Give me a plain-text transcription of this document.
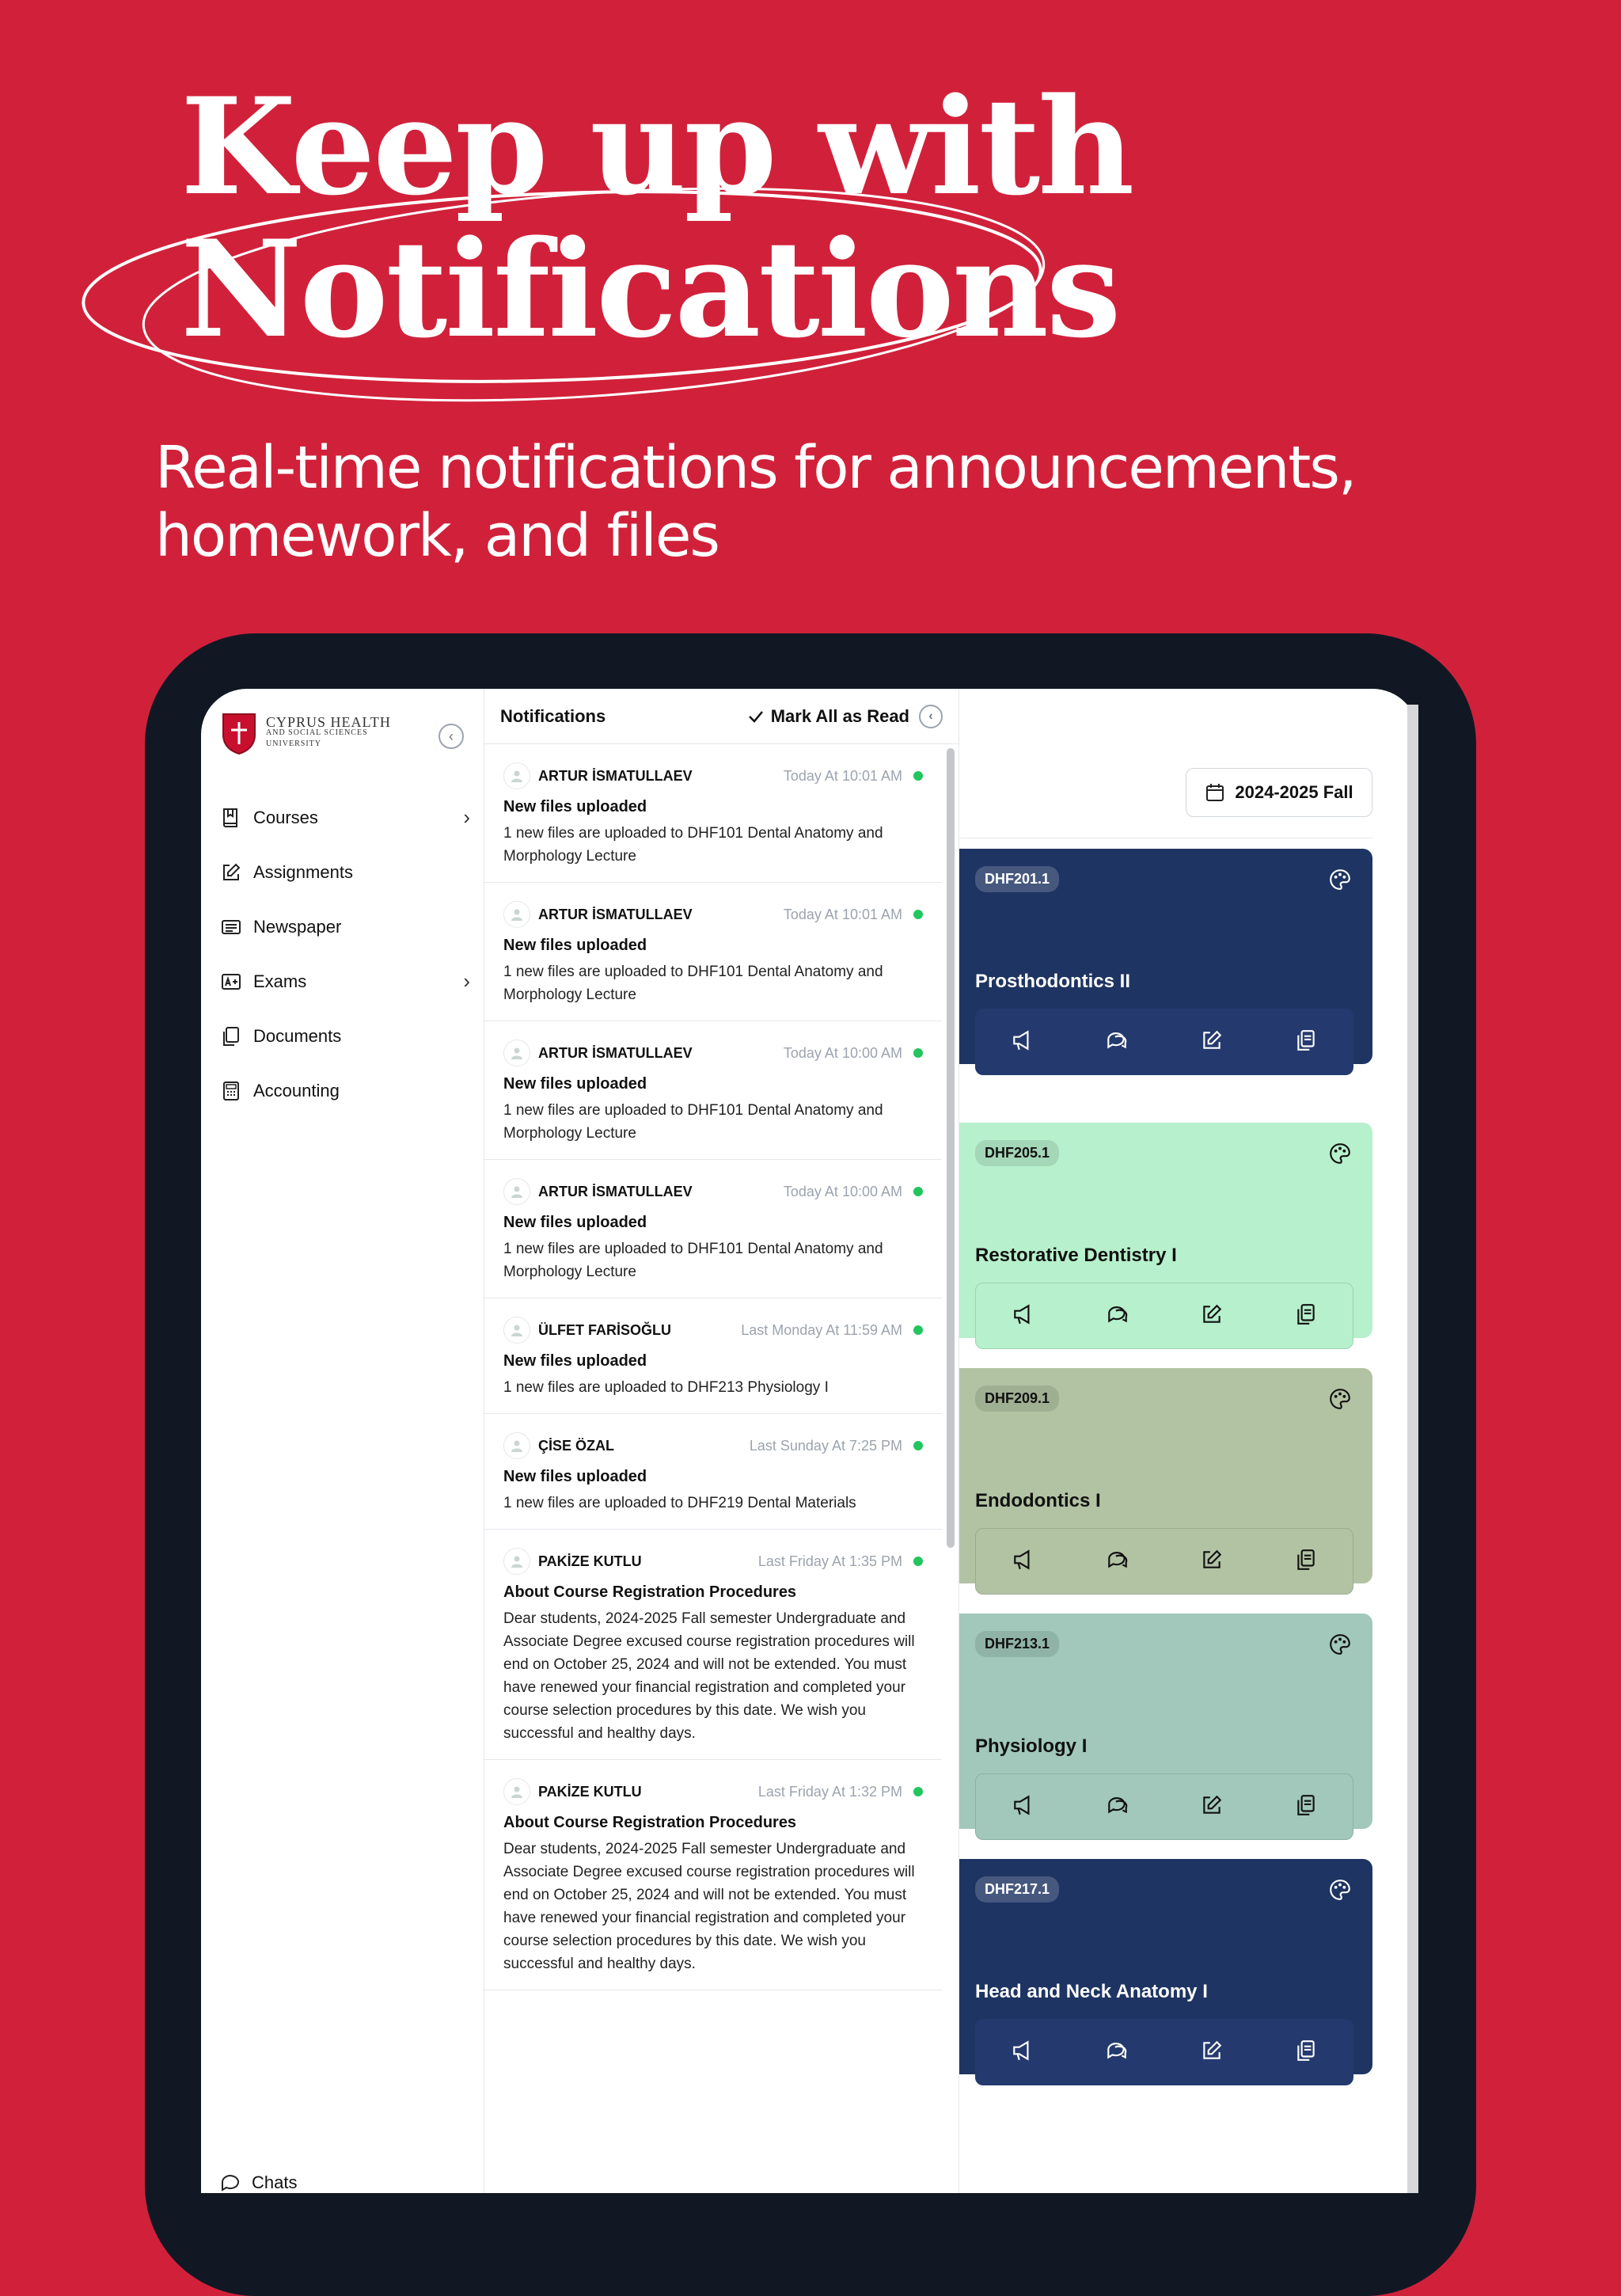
Keep up with
Notifications
Real-time notifications for announcements, homework, and files
CYPRUS HEALTH
AND SOCIAL SCIENCES
UNIVERSITY	‹
Courses	›
Assignments
Newspaper
Exams	›
Documents
Accounting
Chats
Notifications	Mark All as Read ‹
ARTUR İSMATULLAEV	Today At 10:01 AM
New files uploaded
1 new files are uploaded to DHF101 Dental Anatomy and Morphology Lecture
ARTUR İSMATULLAEV	Today At 10:01 AM
New files uploaded
1 new files are uploaded to DHF101 Dental Anatomy and Morphology Lecture
ARTUR İSMATULLAEV	Today At 10:00 AM
New files uploaded
1 new files are uploaded to DHF101 Dental Anatomy and Morphology Lecture
ARTUR İSMATULLAEV	Today At 10:00 AM
New files uploaded
1 new files are uploaded to DHF101 Dental Anatomy and Morphology Lecture
ÜLFET FARİSOĞLU	Last Monday At 11:59 AM
New files uploaded
1 new files are uploaded to DHF213 Physiology I
ÇİSE ÖZAL	Last Sunday At 7:25 PM
New files uploaded
1 new files are uploaded to DHF219 Dental Materials
PAKİZE KUTLU	Last Friday At 1:35 PM
About Course Registration Procedures
Dear students, 2024-2025 Fall semester Undergraduate and Associate Degree excused course registration procedures will end on October 25, 2024 and will not be extended. You must have renewed your financial registration and completed your course selection procedures by this date. We wish you successful and healthy days.
PAKİZE KUTLU	Last Friday At 1:32 PM
About Course Registration Procedures
Dear students, 2024-2025 Fall semester Undergraduate and Associate Degree excused course registration procedures will end on October 25, 2024 and will not be extended. You must have renewed your financial registration and completed your course selection procedures by this date. We wish you successful and healthy days.
2024-2025 Fall
DHF201.1
Prosthodontics II
DHF205.1
Restorative Dentistry I
DHF209.1
Endodontics I
DHF213.1
Physiology I
DHF217.1
Head and Neck Anatomy I
